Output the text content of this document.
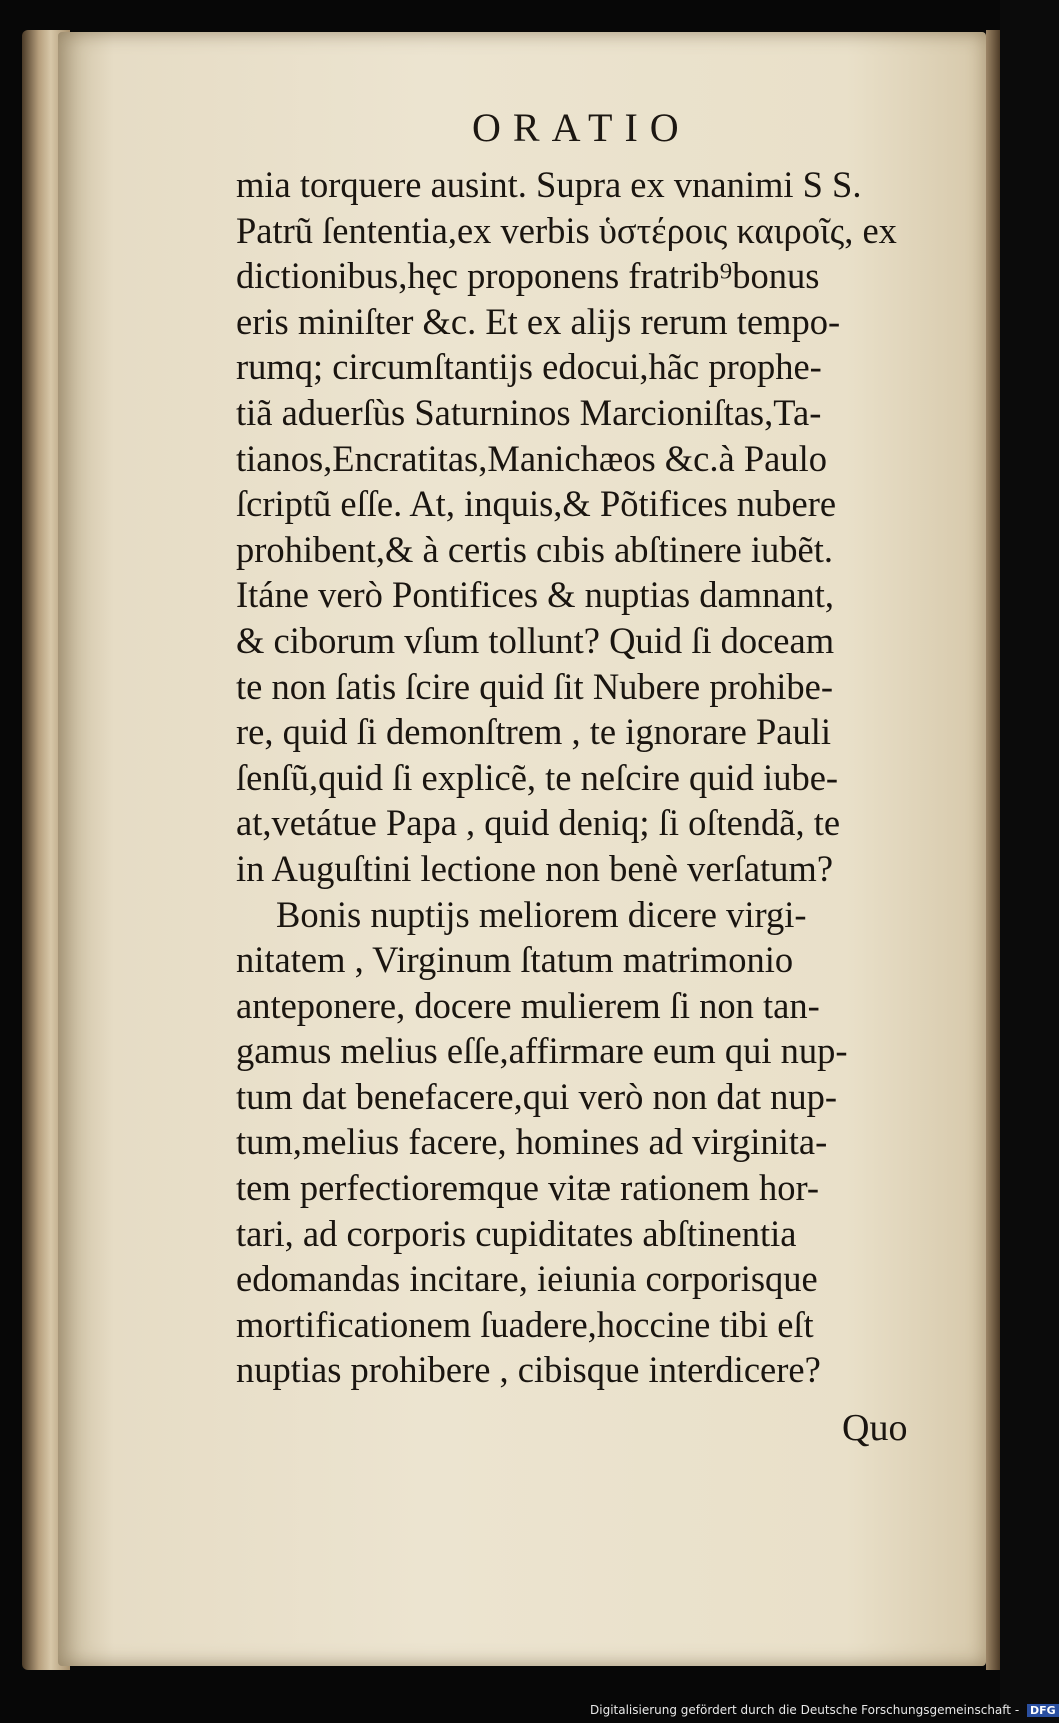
ORATIO
mia torquere ausint. Supra ex vnanimi S S.
Patrũ ſententia,ex verbis ὑστέροις καιροῖς, ex
dictionibus,hęc proponens fratrib⁹bonus
eris miniſter &c. Et ex alijs rerum tempo-
rumq; circumſtantijs edocui,hãc prophe-
tiã aduerſùs Saturninos Marcioniſtas,Ta-
tianos,Encratitas,Manichæos &c.à Paulo
ſcriptũ eſſe. At, inquis,& Põtifices nubere
prohibent,& à certis cıbis abſtinere iubẽt.
Itáne verò Pontifices & nuptias damnant,
& ciborum vſum tollunt? Quid ſi doceam
te non ſatis ſcire quid ſit Nubere prohibe-
re, quid ſi demonſtrem , te ignorare Pauli
ſenſũ,quid ſi explicẽ, te neſcire quid iube-
at,vetátue Papa , quid deniq; ſi oſtendã, te
in Auguſtini lectione non benè verſatum?
Bonis nuptijs meliorem dicere virgi-
nitatem , Virginum ſtatum matrimonio
anteponere, docere mulierem ſi non tan-
gamus melius eſſe,affirmare eum qui nup-
tum dat benefacere,qui verò non dat nup-
tum,melius facere, homines ad virginita-
tem perfectioremque vitæ rationem hor-
tari, ad corporis cupiditates abſtinentia
edomandas incitare, ieiunia corporisque
mortificationem ſuadere,hoccine tibi eſt
nuptias prohibere , cibisque interdicere?
Quo
Digitalisierung gefördert durch die Deutsche Forschungsgemeinschaft - DFG
